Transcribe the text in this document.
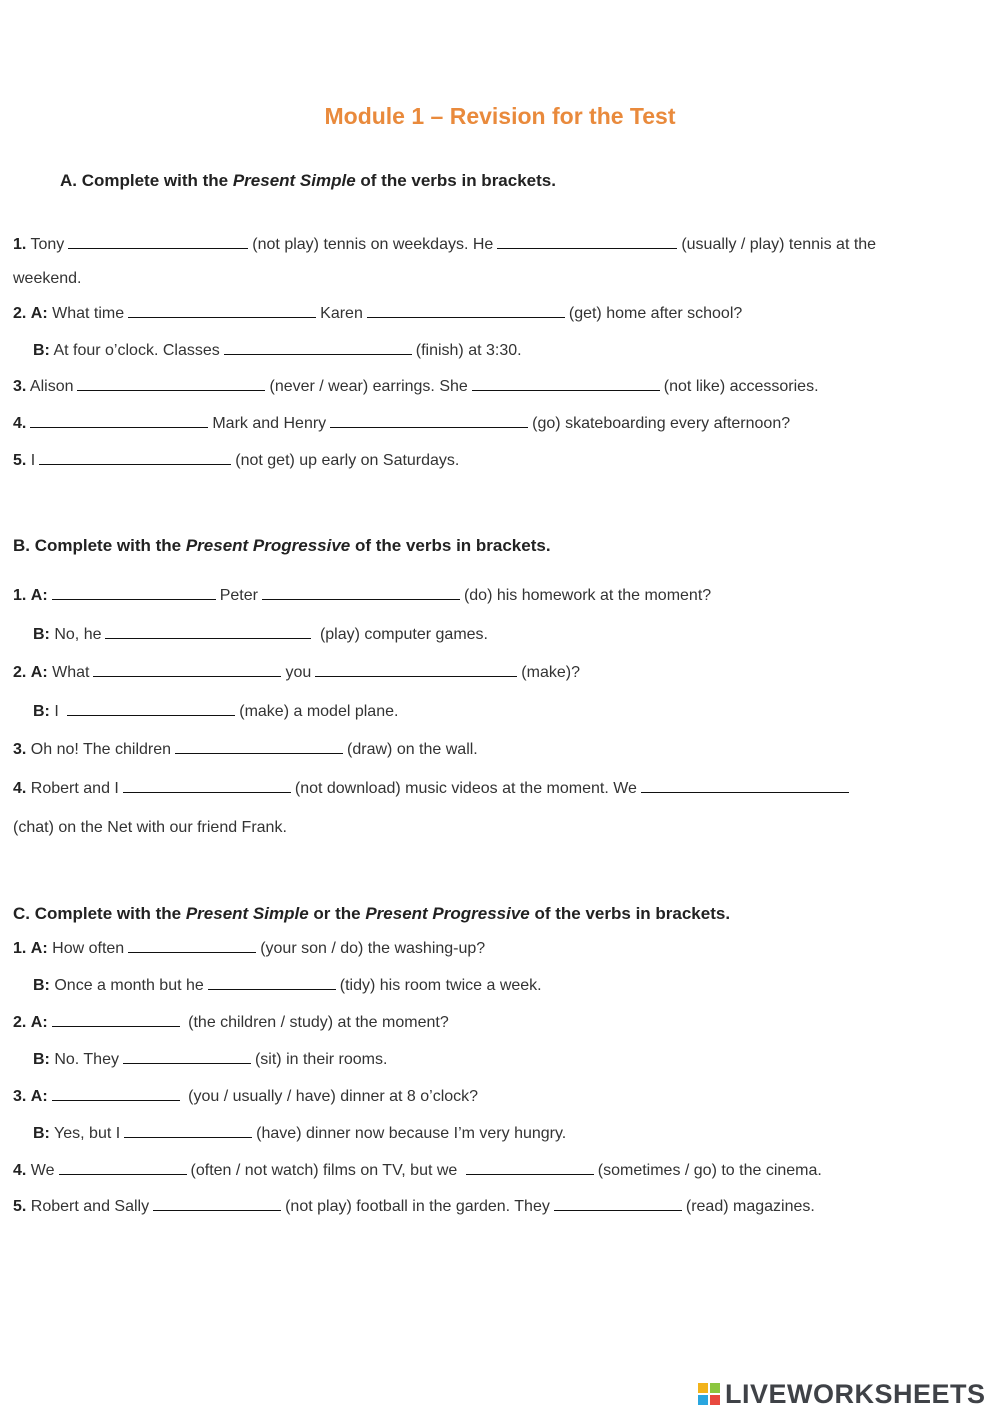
Module 1 – Revision for the Test
A. Complete with the Present Simple of the verbs in brackets.
1. Tony	(not play) tennis on weekdays. He	(usually / play) tennis at the
weekend.
2. A: What time	Karen	(get) home after school?
B: At four o’clock. Classes	(finish) at 3:30.
3. Alison	(never / wear) earrings. She	(not like) accessories.
4.	Mark and Henry	(go) skateboarding every afternoon?
5. I	(not get) up early on Saturdays.
B. Complete with the Present Progressive of the verbs in brackets.
1. A:	Peter	(do) his homework at the moment?
B: No, he	(play) computer games.
2. A: What	you	(make)?
B: I	(make) a model plane.
3. Oh no! The children	(draw) on the wall.
4. Robert and I	(not download) music videos at the moment. We
(chat) on the Net with our friend Frank.
C. Complete with the Present Simple or the Present Progressive of the verbs in brackets.
1. A: How often	(your son / do) the washing-up?
B: Once a month but he	(tidy) his room twice a week.
2. A:	(the children / study) at the moment?
B: No. They	(sit) in their rooms.
3. A:	(you / usually / have) dinner at 8 o’clock?
B: Yes, but I	(have) dinner now because I’m very hungry.
4. We	(often / not watch) films on TV, but we	(sometimes / go) to the cinema.
5. Robert and Sally	(not play) football in the garden. They	(read) magazines.
LIVEWORKSHEETS
